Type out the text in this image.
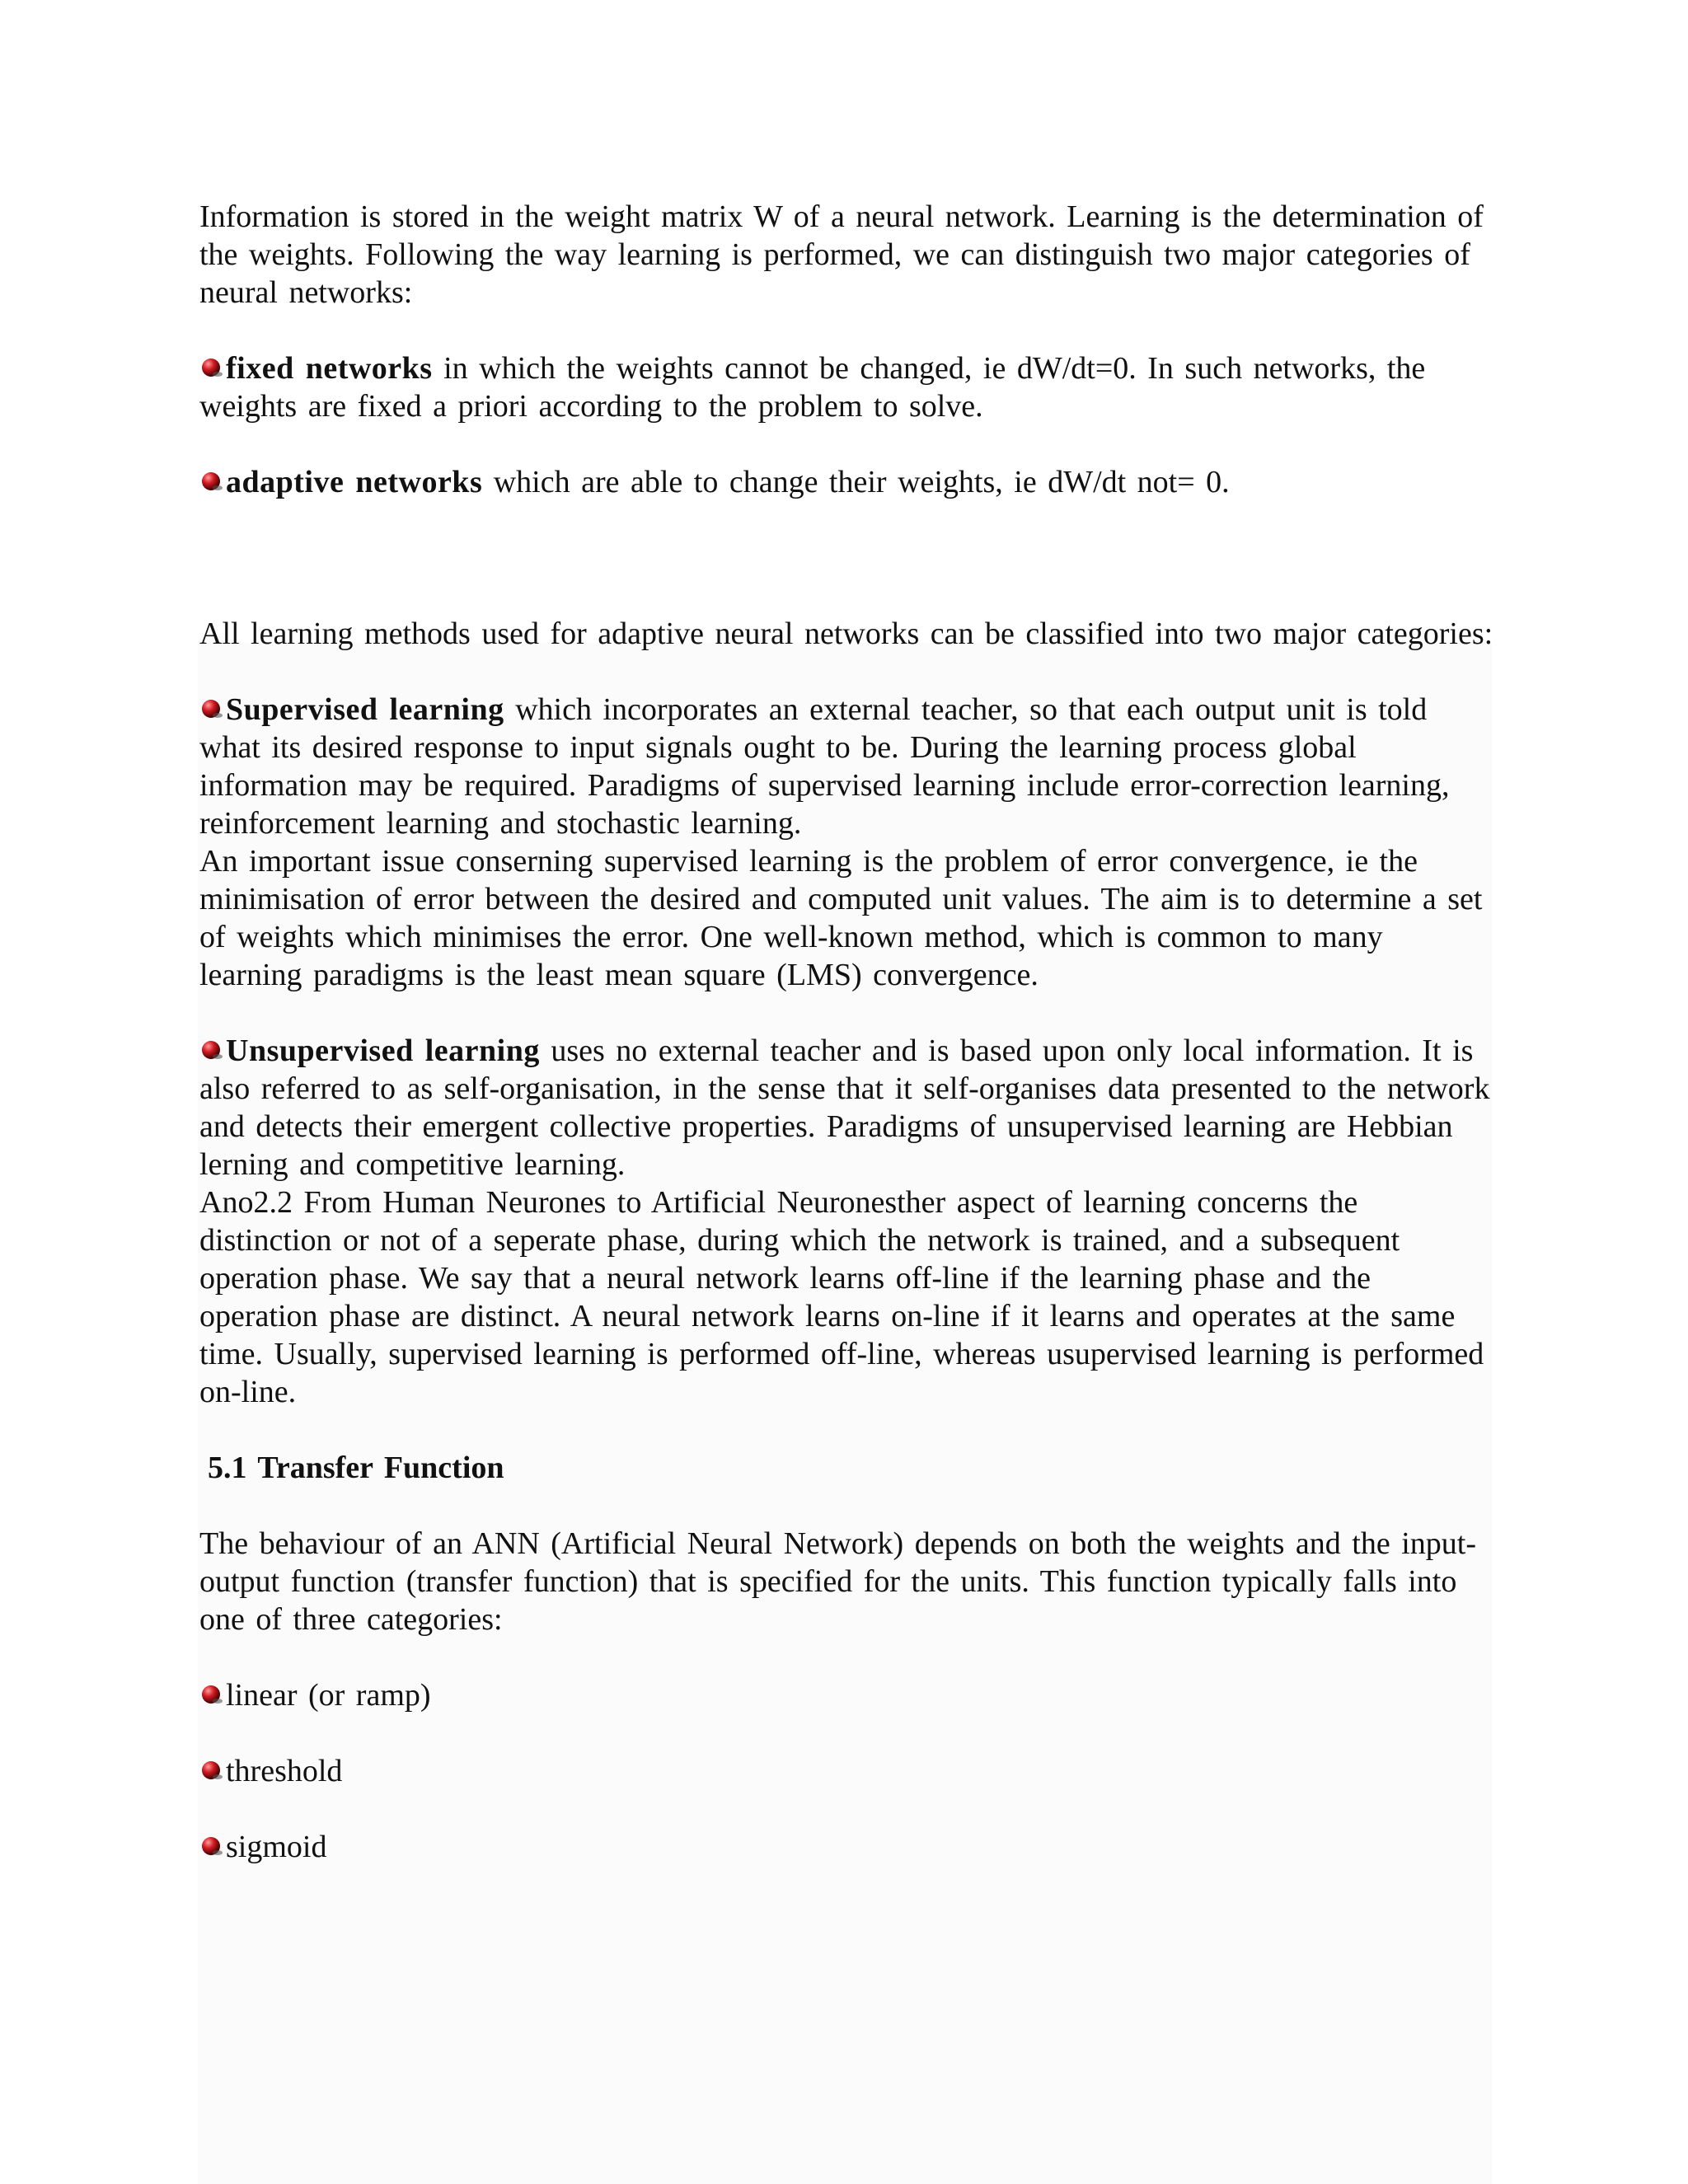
Information is stored in the weight matrix W of a neural network. Learning is the determination of the weights. Following the way learning is performed, we can distinguish two major categories of neural networks:

fixed networks in which the weights cannot be changed, ie dW/dt=0. In such networks, the weights are fixed a priori according to the problem to solve.

adaptive networks which are able to change their weights, ie dW/dt not= 0.

All learning methods used for adaptive neural networks can be classified into two major categories:

Supervised learning which incorporates an external teacher, so that each output unit is told what its desired response to input signals ought to be. During the learning process global information may be required. Paradigms of supervised learning include error-correction learning, reinforcement learning and stochastic learning.

An important issue conserning supervised learning is the problem of error convergence, ie the minimisation of error between the desired and computed unit values. The aim is to determine a set of weights which minimises the error. One well-known method, which is common to many learning paradigms is the least mean square (LMS) convergence.

Unsupervised learning uses no external teacher and is based upon only local information. It is also referred to as self-organisation, in the sense that it self-organises data presented to the network and detects their emergent collective properties. Paradigms of unsupervised learning are Hebbian lerning and competitive learning.

Ano2.2 From Human Neurones to Artificial Neuronesther aspect of learning concerns the distinction or not of a seperate phase, during which the network is trained, and a subsequent operation phase. We say that a neural network learns off-line if the learning phase and the operation phase are distinct. A neural network learns on-line if it learns and operates at the same time. Usually, supervised learning is performed off-line, whereas usupervised learning is performed on-line.

5.1 Transfer Function

The behaviour of an ANN (Artificial Neural Network) depends on both the weights and the input-output function (transfer function) that is specified for the units. This function typically falls into one of three categories:

linear (or ramp)

threshold

sigmoid
